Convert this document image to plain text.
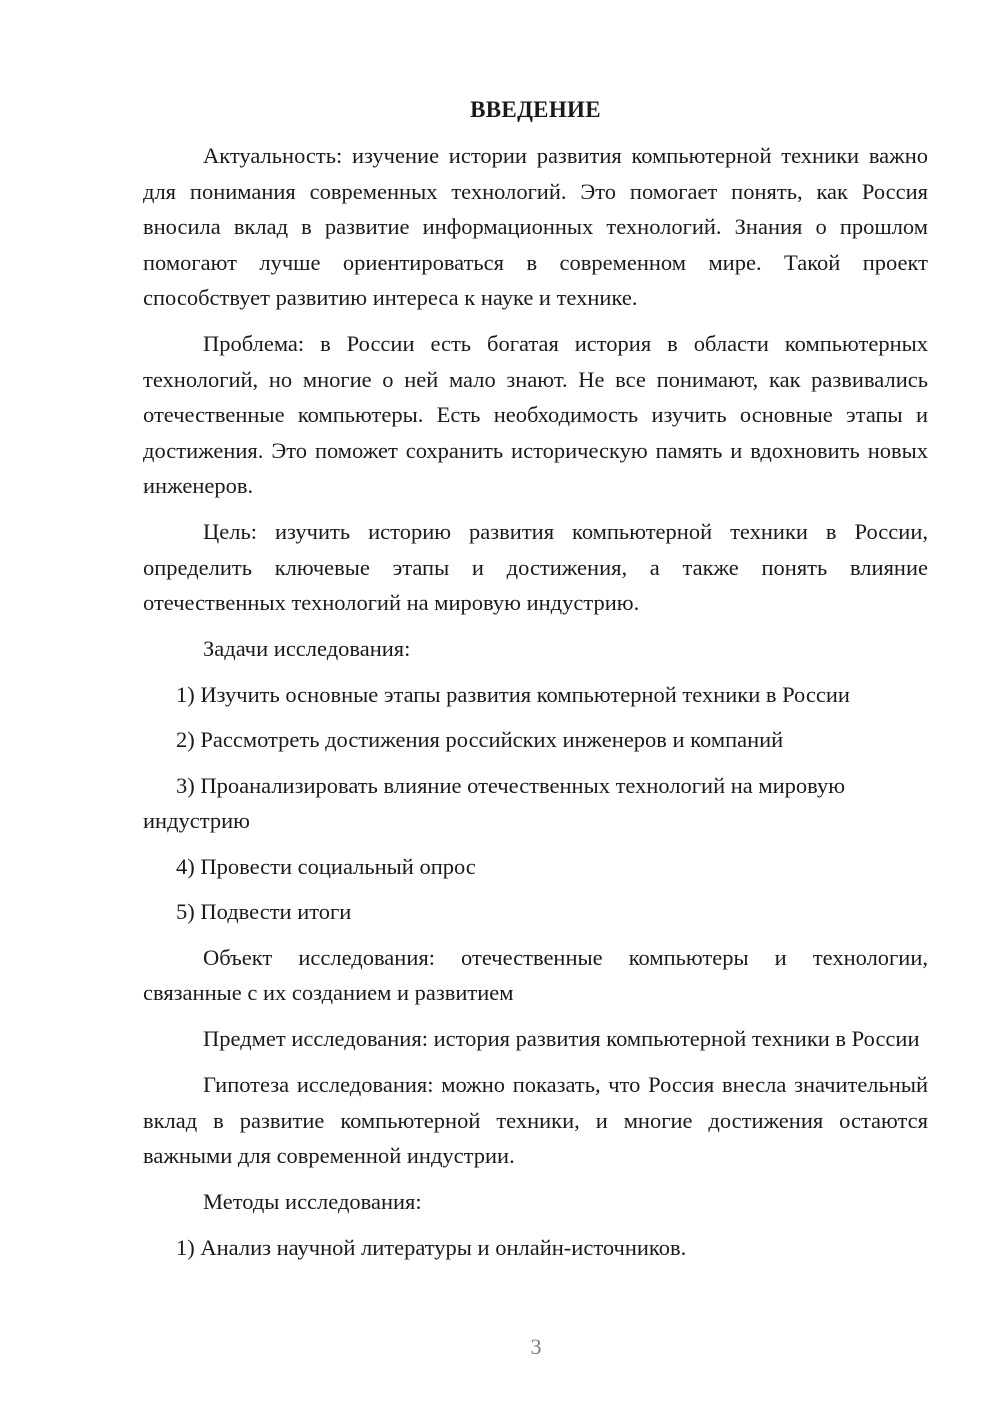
ВВЕДЕНИЕ

Актуальность: изучение истории развития компьютерной техники важно для понимания современных технологий. Это помогает понять, как Россия вносила вклад в развитие информационных технологий. Знания о прошлом помогают лучше ориентироваться в современном мире. Такой проект способствует развитию интереса к науке и технике.

Проблема: в России есть богатая история в области компьютерных технологий, но многие о ней мало знают. Не все понимают, как развивались отечественные компьютеры. Есть необходимость изучить основные этапы и достижения. Это поможет сохранить историческую память и вдохновить новых инженеров.

Цель: изучить историю развития компьютерной техники в России, определить ключевые этапы и достижения, а также понять влияние отечественных технологий на мировую индустрию.

Задачи исследования:

1) Изучить основные этапы развития компьютерной техники в России

2) Рассмотреть достижения российских инженеров и компаний

3) Проанализировать влияние отечественных технологий на мировую индустрию

4) Провести социальный опрос

5) Подвести итоги

Объект исследования: отечественные компьютеры и технологии, связанные с их созданием и развитием

Предмет исследования: история развития компьютерной техники в России

Гипотеза исследования: можно показать, что Россия внесла значительный вклад в развитие компьютерной техники, и многие достижения остаются важными для современной индустрии.

Методы исследования:

1) Анализ научной литературы и онлайн-источников.

3
